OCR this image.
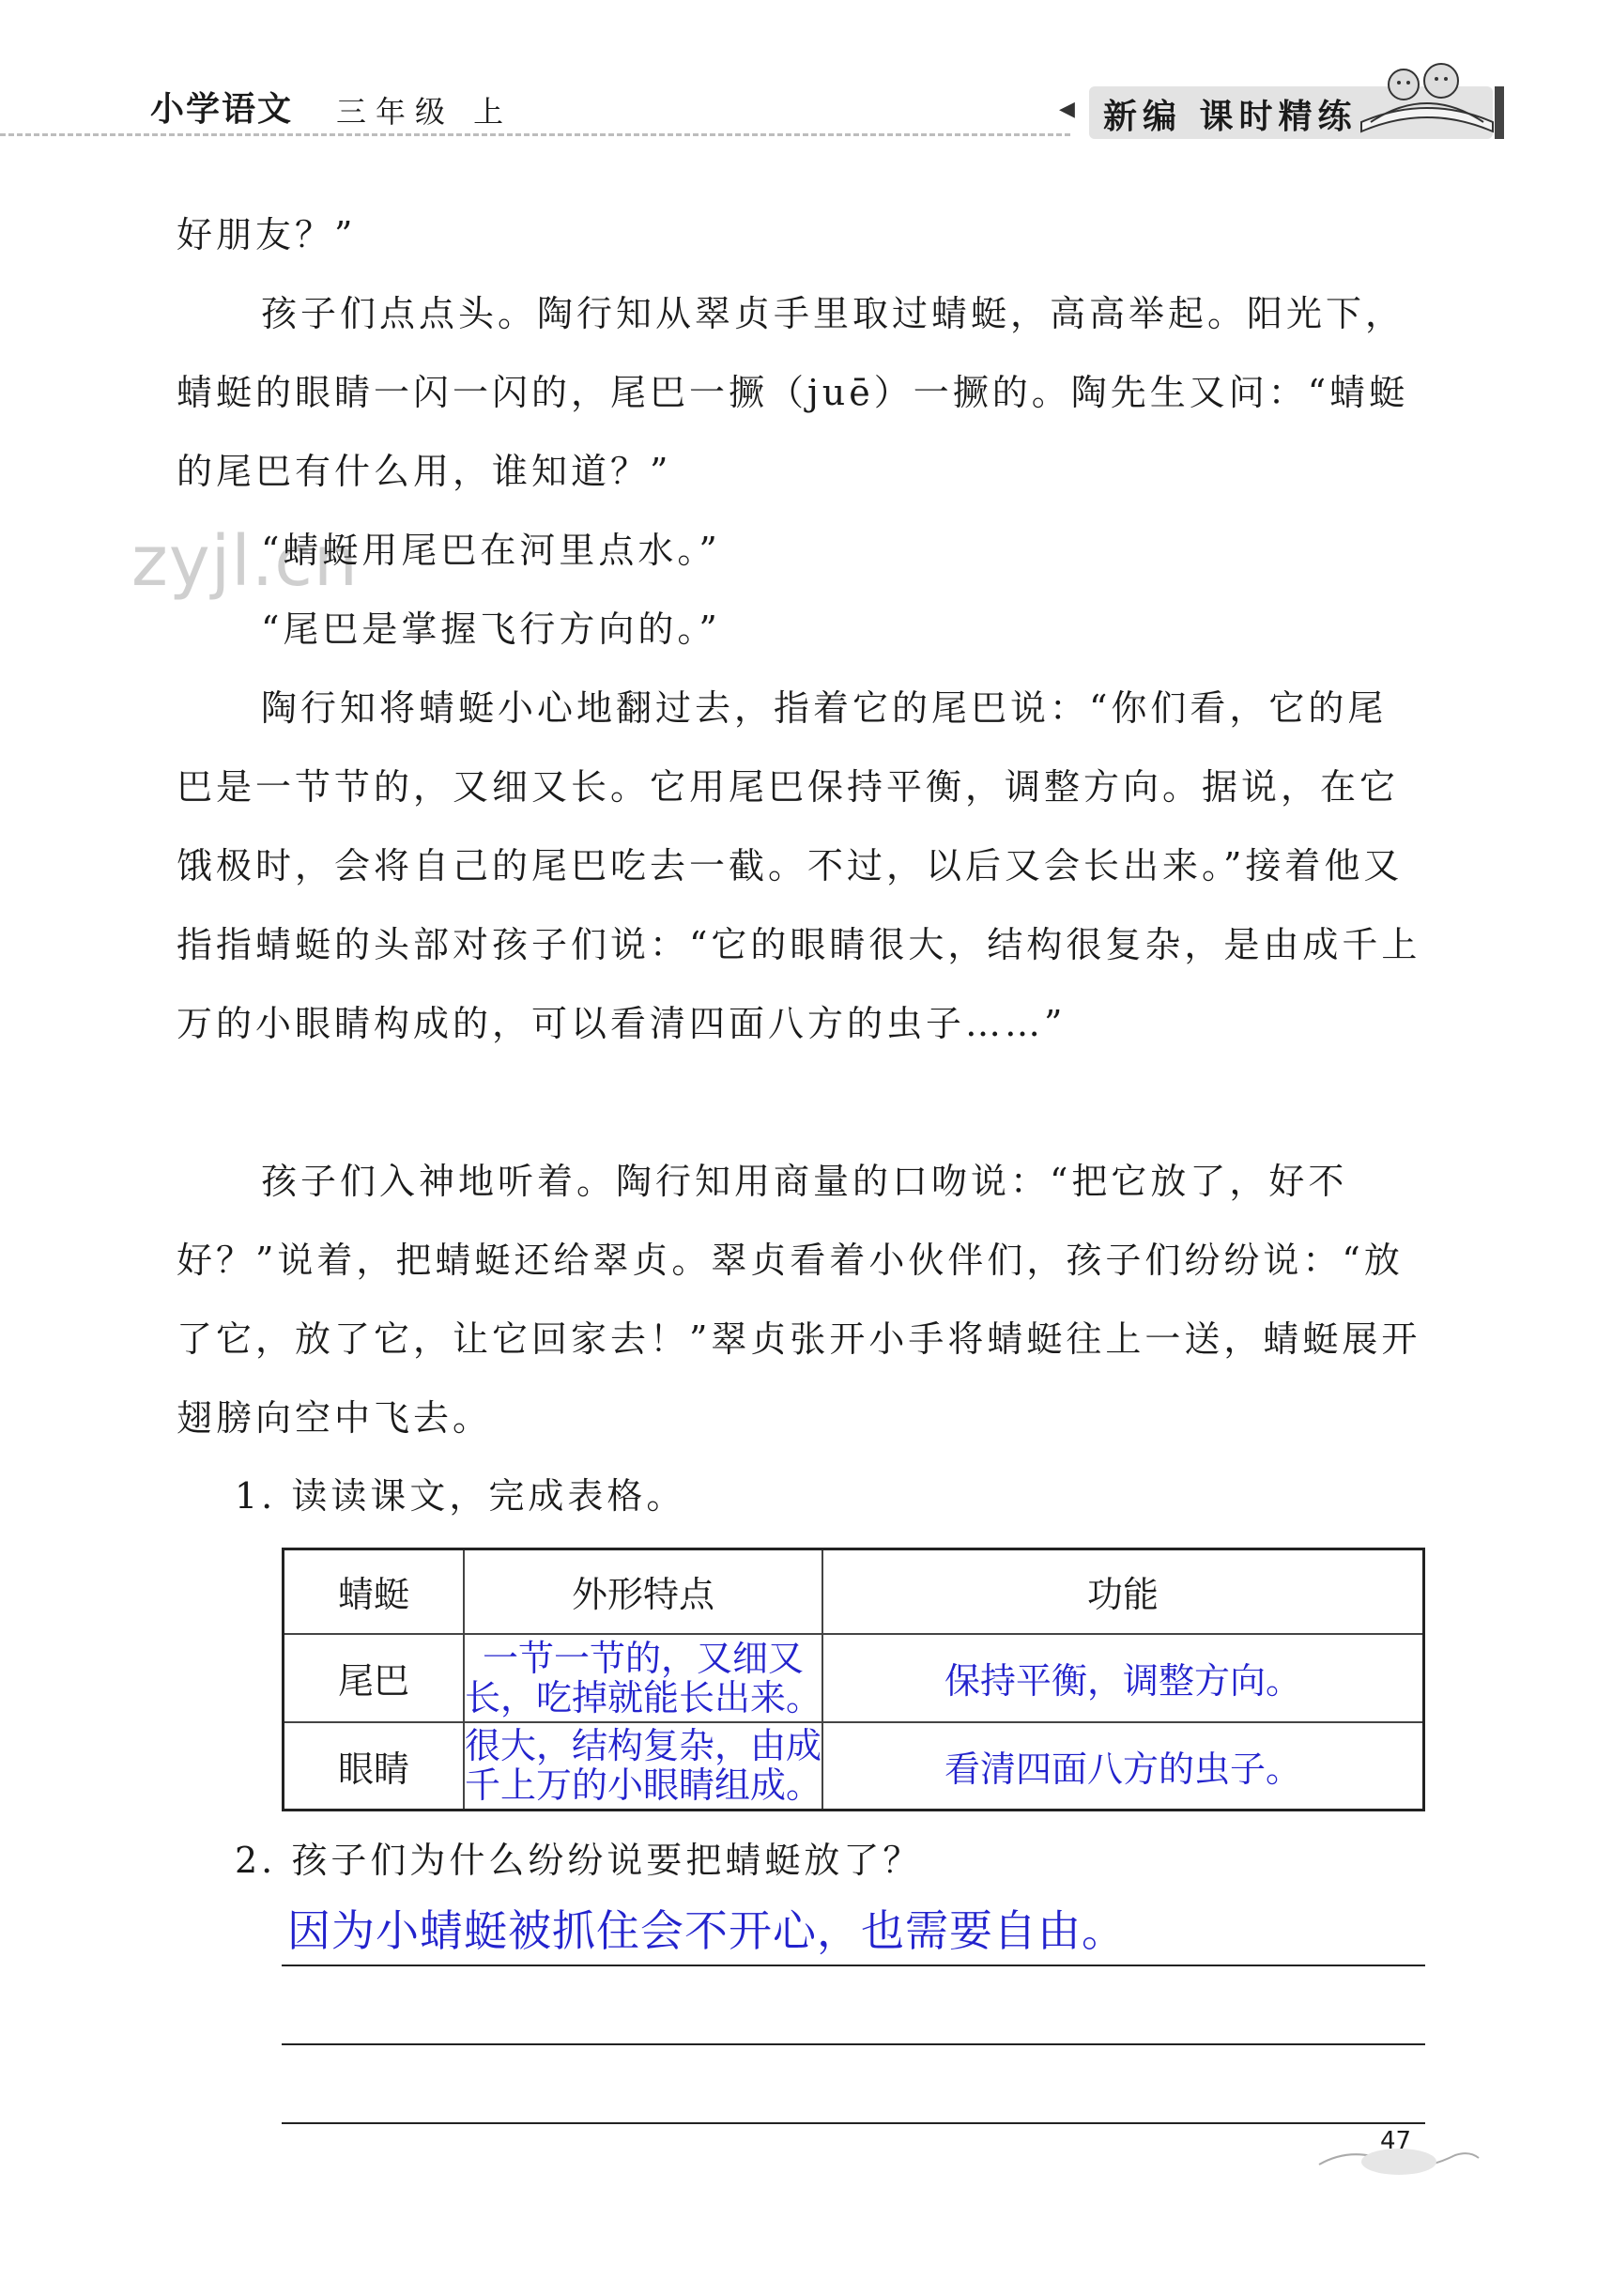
小学语文 三年级 上	◀ 新编 课时精练
zyjl.cn

好朋友？”

孩子们点点头。陶行知从翠贞手里取过蜻蜓，高高举起。阳光下，蜻蜓的眼睛一闪一闪的，尾巴一撅（juē）一撅的。陶先生又问：“蜻蜓的尾巴有什么用，谁知道？”

“蜻蜓用尾巴在河里点水。”

“尾巴是掌握飞行方向的。”

陶行知将蜻蜓小心地翻过去，指着它的尾巴说：“你们看，它的尾巴是一节节的，又细又长。它用尾巴保持平衡，调整方向。据说，在它饿极时，会将自己的尾巴吃去一截。不过，以后又会长出来。”接着他又指指蜻蜓的头部对孩子们说：“它的眼睛很大，结构很复杂，是由成千上万的小眼睛构成的，可以看清四面八方的虫子……”

孩子们入神地听着。陶行知用商量的口吻说：“把它放了，好不好？”说着，把蜻蜓还给翠贞。翠贞看着小伙伴们，孩子们纷纷说：“放了它，放了它，让它回家去！”翠贞张开小手将蜻蜓往上一送，蜻蜓展开翅膀向空中飞去。

1. 读读课文，完成表格。
蜻蜓	外形特点	功能
尾巴	一节一节的，又细又长，吃掉就能长出来。	保持平衡，调整方向。
眼睛	很大，结构复杂，由成千上万的小眼睛组成。	看清四面八方的虫子。
2. 孩子们为什么纷纷说要把蜻蜓放了？
因为小蜻蜓被抓住会不开心，也需要自由。
47
